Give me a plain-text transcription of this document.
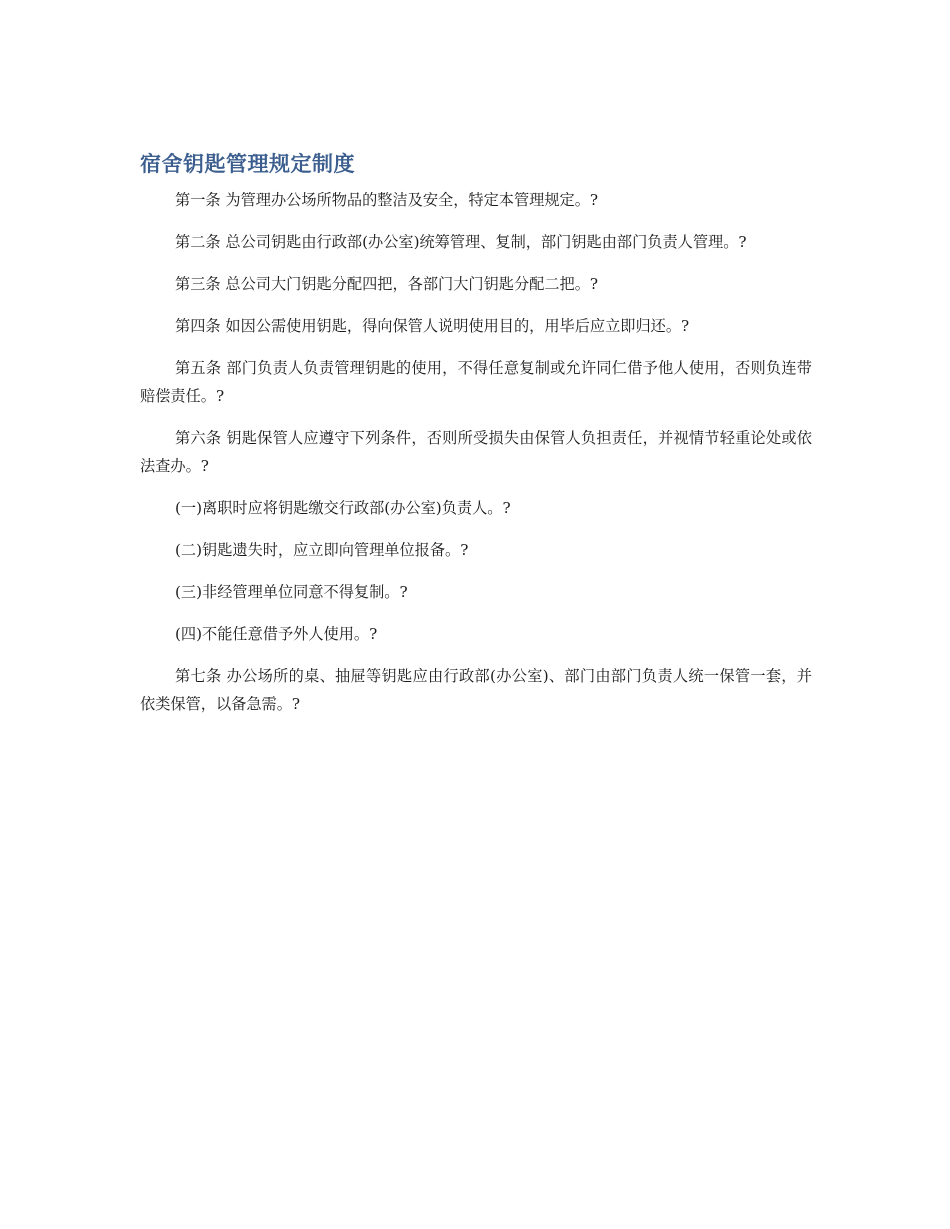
宿舍钥匙管理规定制度

第一条 为管理办公场所物品的整洁及安全，特定本管理规定。?

第二条 总公司钥匙由行政部(办公室)统筹管理、复制，部门钥匙由部门负责人管理。?

第三条 总公司大门钥匙分配四把，各部门大门钥匙分配二把。?

第四条 如因公需使用钥匙，得向保管人说明使用目的，用毕后应立即归还。?

第五条 部门负责人负责管理钥匙的使用，不得任意复制或允许同仁借予他人使用，否则负连带赔偿责任。?

第六条 钥匙保管人应遵守下列条件，否则所受损失由保管人负担责任，并视情节轻重论处或依法查办。?

(一)离职时应将钥匙缴交行政部(办公室)负责人。?

(二)钥匙遗失时，应立即向管理单位报备。?

(三)非经管理单位同意不得复制。?

(四)不能任意借予外人使用。?

第七条 办公场所的桌、抽屉等钥匙应由行政部(办公室)、部门由部门负责人统一保管一套，并依类保管，以备急需。?
